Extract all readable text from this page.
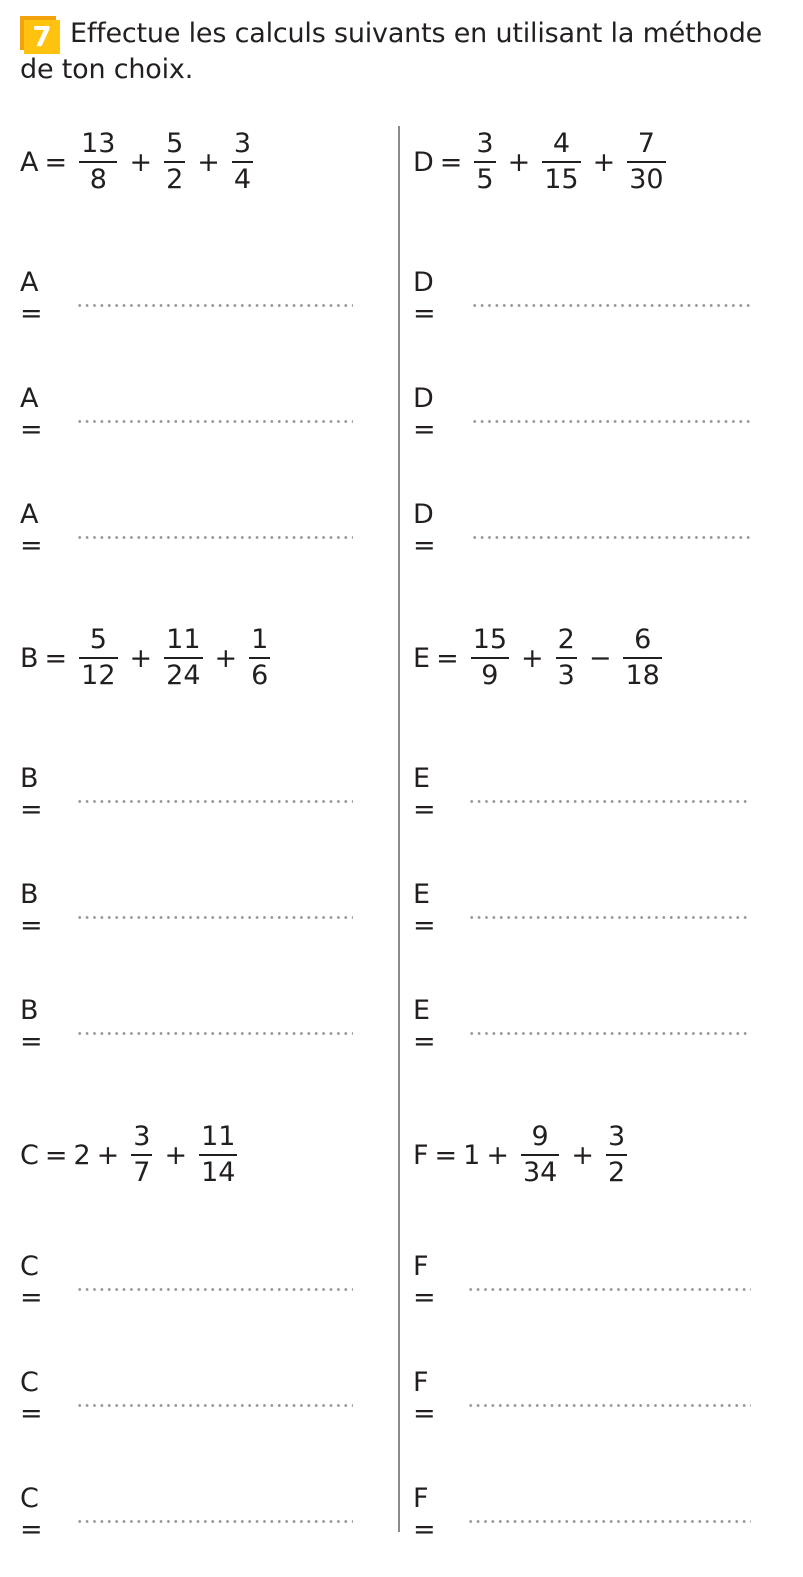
7 Effectue les calculs suivants en utilisant la méthode de ton choix.

$A = \frac{13}{8} + \frac{5}{2} + \frac{3}{4}$
A =
A =
A =
$B = \frac{5}{12} + \frac{11}{24} + \frac{1}{6}$
B =
B =
B =
$C = 2 + \frac{3}{7} + \frac{11}{14}$
C =
C =
C =
$D = \frac{3}{5} + \frac{4}{15} + \frac{7}{30}$
D =
D =
D =
$E = \frac{15}{9} + \frac{2}{3} - \frac{6}{18}$
E =
E =
E =
$F = 1 + \frac{9}{34} + \frac{3}{2}$
F =
F =
F =
